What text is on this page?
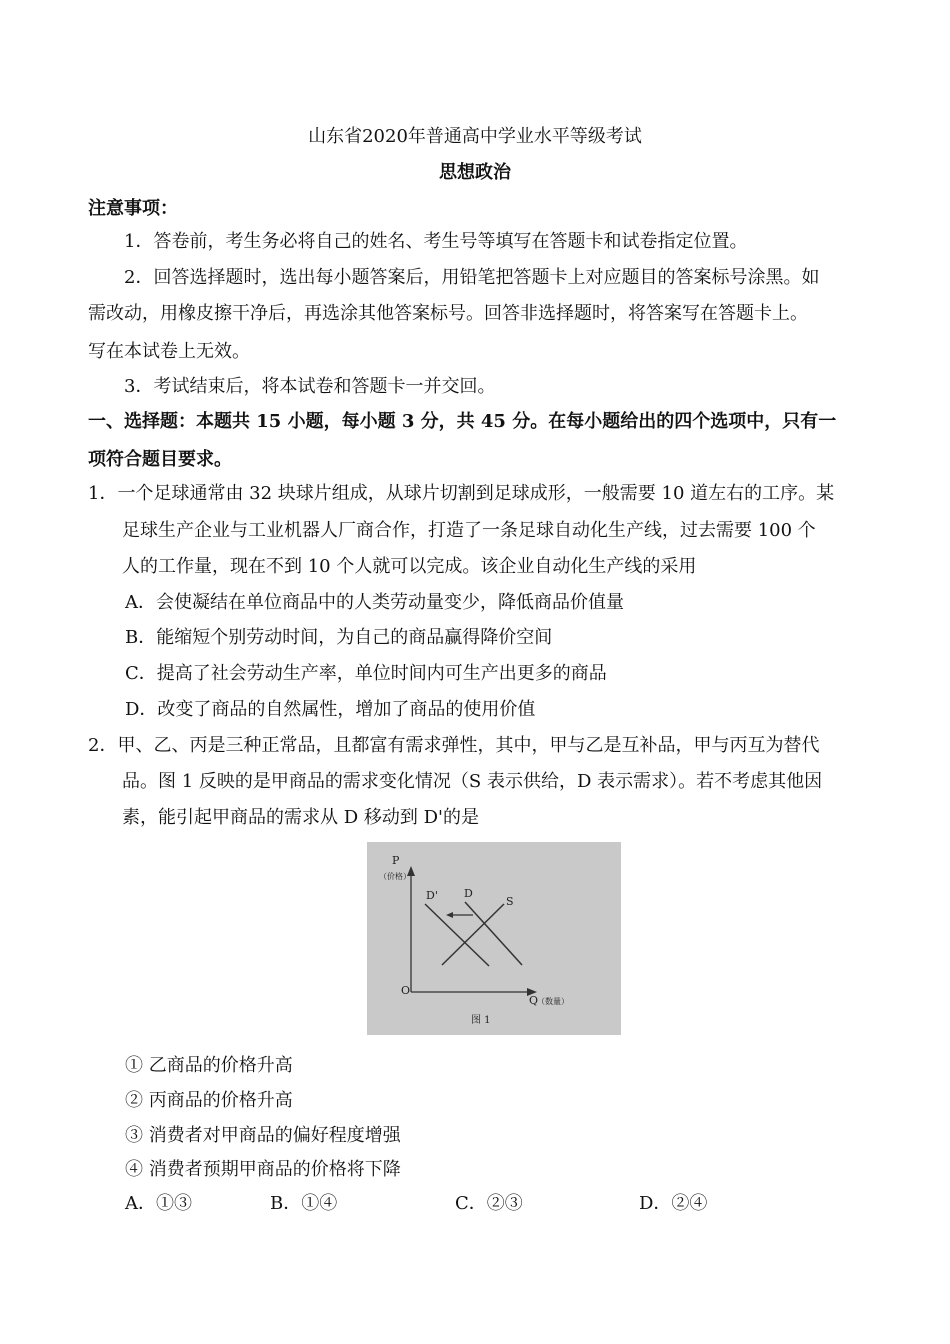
山东省2020年普通高中学业水平等级考试
思想政治
注意事项：
1．答卷前，考生务必将自己的姓名、考生号等填写在答题卡和试卷指定位置。
2．回答选择题时，选出每小题答案后，用铅笔把答题卡上对应题目的答案标号涂黑。如
需改动，用橡皮擦干净后，再选涂其他答案标号。回答非选择题时，将答案写在答题卡上。
写在本试卷上无效。
3．考试结束后，将本试卷和答题卡一并交回。
一、选择题：本题共 15 小题，每小题 3 分，共 45 分。在每小题给出的四个选项中，只有一
项符合题目要求。
1．一个足球通常由 32 块球片组成，从球片切割到足球成形，一般需要 10 道左右的工序。某
足球生产企业与工业机器人厂商合作，打造了一条足球自动化生产线，过去需要 100 个
人的工作量，现在不到 10 个人就可以完成。该企业自动化生产线的采用
A．会使凝结在单位商品中的人类劳动量变少，降低商品价值量
B．能缩短个别劳动时间，为自己的商品赢得降价空间
C．提高了社会劳动生产率，单位时间内可生产出更多的商品
D．改变了商品的自然属性，增加了商品的使用价值
2．甲、乙、丙是三种正常品，且都富有需求弹性，其中，甲与乙是互补品，甲与丙互为替代
品。图 1 反映的是甲商品的需求变化情况（S 表示供给，D 表示需求）。若不考虑其他因
素，能引起甲商品的需求从 D 移动到 D'的是
P
（价格）
O
D' D
S
Q
（数量）
图 1
① 乙商品的价格升高
② 丙商品的价格升高
③ 消费者对甲商品的偏好程度增强
④ 消费者预期甲商品的价格将下降
A．①③	B．①④	C．②③	D．②④
